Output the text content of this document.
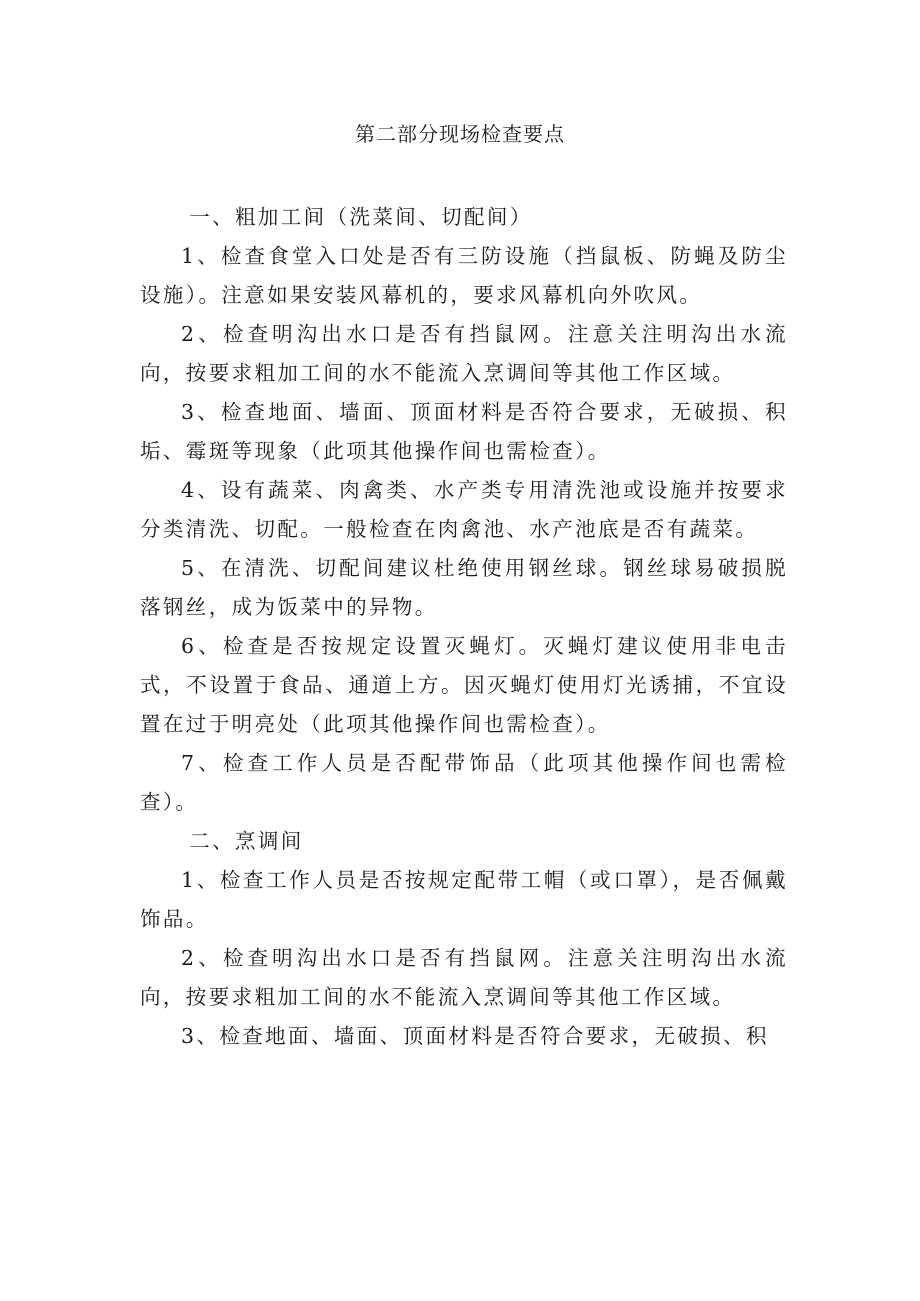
第二部分现场检查要点
一、粗加工间（洗菜间、切配间）

1、检查食堂入口处是否有三防设施（挡鼠板、防蝇及防尘设施）。注意如果安装风幕机的，要求风幕机向外吹风。

2、检查明沟出水口是否有挡鼠网。注意关注明沟出水流向，按要求粗加工间的水不能流入烹调间等其他工作区域。

3、检查地面、墙面、顶面材料是否符合要求，无破损、积垢、霉斑等现象（此项其他操作间也需检查）。

4、设有蔬菜、肉禽类、水产类专用清洗池或设施并按要求分类清洗、切配。一般检查在肉禽池、水产池底是否有蔬菜。

5、在清洗、切配间建议杜绝使用钢丝球。钢丝球易破损脱落钢丝，成为饭菜中的异物。

6、检查是否按规定设置灭蝇灯。灭蝇灯建议使用非电击式，不设置于食品、通道上方。因灭蝇灯使用灯光诱捕，不宜设置在过于明亮处（此项其他操作间也需检查）。

7、检查工作人员是否配带饰品（此项其他操作间也需检查）。

二、烹调间

1、检查工作人员是否按规定配带工帽（或口罩），是否佩戴饰品。

2、检查明沟出水口是否有挡鼠网。注意关注明沟出水流向，按要求粗加工间的水不能流入烹调间等其他工作区域。

3、检查地面、墙面、顶面材料是否符合要求，无破损、积
